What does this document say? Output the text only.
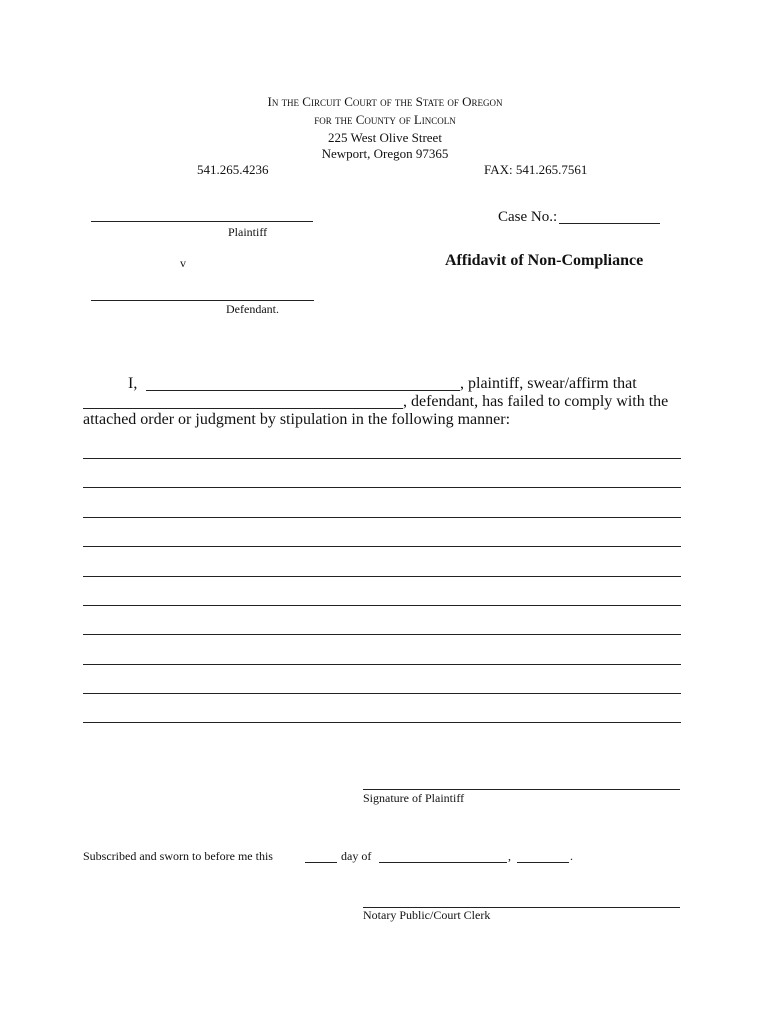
In the Circuit Court of the State of Oregon
for the County of Lincoln
225 West Olive Street
Newport, Oregon 97365
541.265.4236	FAX: 541.265.7561
Plaintiff
Case No.:
v	Affidavit of Non-Compliance
Defendant.
I,	, plaintiff, swear/affirm that
, defendant, has failed to comply with the
attached order or judgment by stipulation in the following manner:
Signature of Plaintiff
Subscribed and sworn to before me this	day of	,	.
Notary Public/Court Clerk
